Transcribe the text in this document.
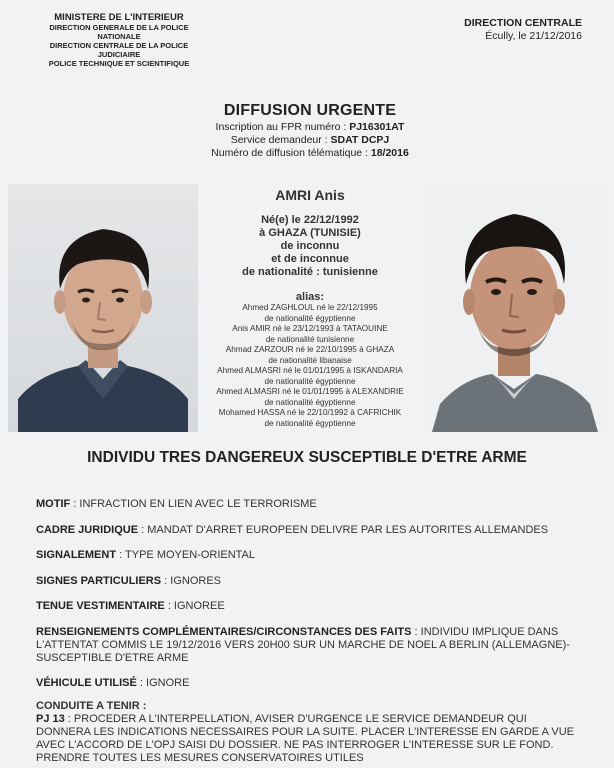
MINISTERE DE L'INTERIEUR
DIRECTION GENERALE DE LA POLICE NATIONALE
DIRECTION CENTRALE DE LA POLICE JUDICIAIRE
POLICE TECHNIQUE ET SCIENTIFIQUE
DIRECTION CENTRALE
Écully, le 21/12/2016
DIFFUSION URGENTE
Inscription au FPR numéro : PJ16301AT
Service demandeur : SDAT DCPJ
Numéro de diffusion télématique : 18/2016
AMRI Anis
Né(e) le 22/12/1992
à GHAZA (TUNISIE)
de inconnu
et de inconnue
de nationalité : tunisienne
alias:
Ahmed ZAGHLOUL né le 22/12/1995
de nationalité égyptienne
Anis AMIR né le 23/12/1993 à TATAOUINE
de nationalité tunisienne
Ahmad ZARZOUR né le 22/10/1995 à GHAZA
de nationalité libanaise
Ahmed ALMASRI né le 01/01/1995 à ISKANDARIA
de nationalité égyptienne
Ahmed ALMASRI né le 01/01/1995 à ALEXANDRIE
de nationalité égyptienne
Mohamed HASSA né le 22/10/1992 à CAFRICHIK
de nationalité égyptienne
INDIVIDU TRES DANGEREUX SUSCEPTIBLE D'ETRE ARME
MOTIF : INFRACTION EN LIEN AVEC LE TERRORISME
CADRE JURIDIQUE : MANDAT D'ARRET EUROPEEN DELIVRE PAR LES AUTORITES ALLEMANDES
SIGNALEMENT : TYPE MOYEN-ORIENTAL
SIGNES PARTICULIERS : IGNORES
TENUE VESTIMENTAIRE : IGNOREE
RENSEIGNEMENTS COMPLÉMENTAIRES/CIRCONSTANCES DES FAITS : INDIVIDU IMPLIQUE DANS L'ATTENTAT COMMIS LE 19/12/2016 VERS 20H00 SUR UN MARCHE DE NOEL A BERLIN (ALLEMAGNE)- SUSCEPTIBLE D'ETRE ARME
VÉHICULE UTILISÉ : IGNORE
CONDUITE A TENIR :
PJ 13 : PROCEDER A L'INTERPELLATION, AVISER D'URGENCE LE SERVICE DEMANDEUR QUI DONNERA LES INDICATIONS NECESSAIRES POUR LA SUITE. PLACER L'INTERESSE EN GARDE A VUE AVEC L'ACCORD DE L'OPJ SAISI DU DOSSIER. NE PAS INTERROGER L'INTERESSE SUR LE FOND. PRENDRE TOUTES LES MESURES CONSERVATOIRES UTILES
